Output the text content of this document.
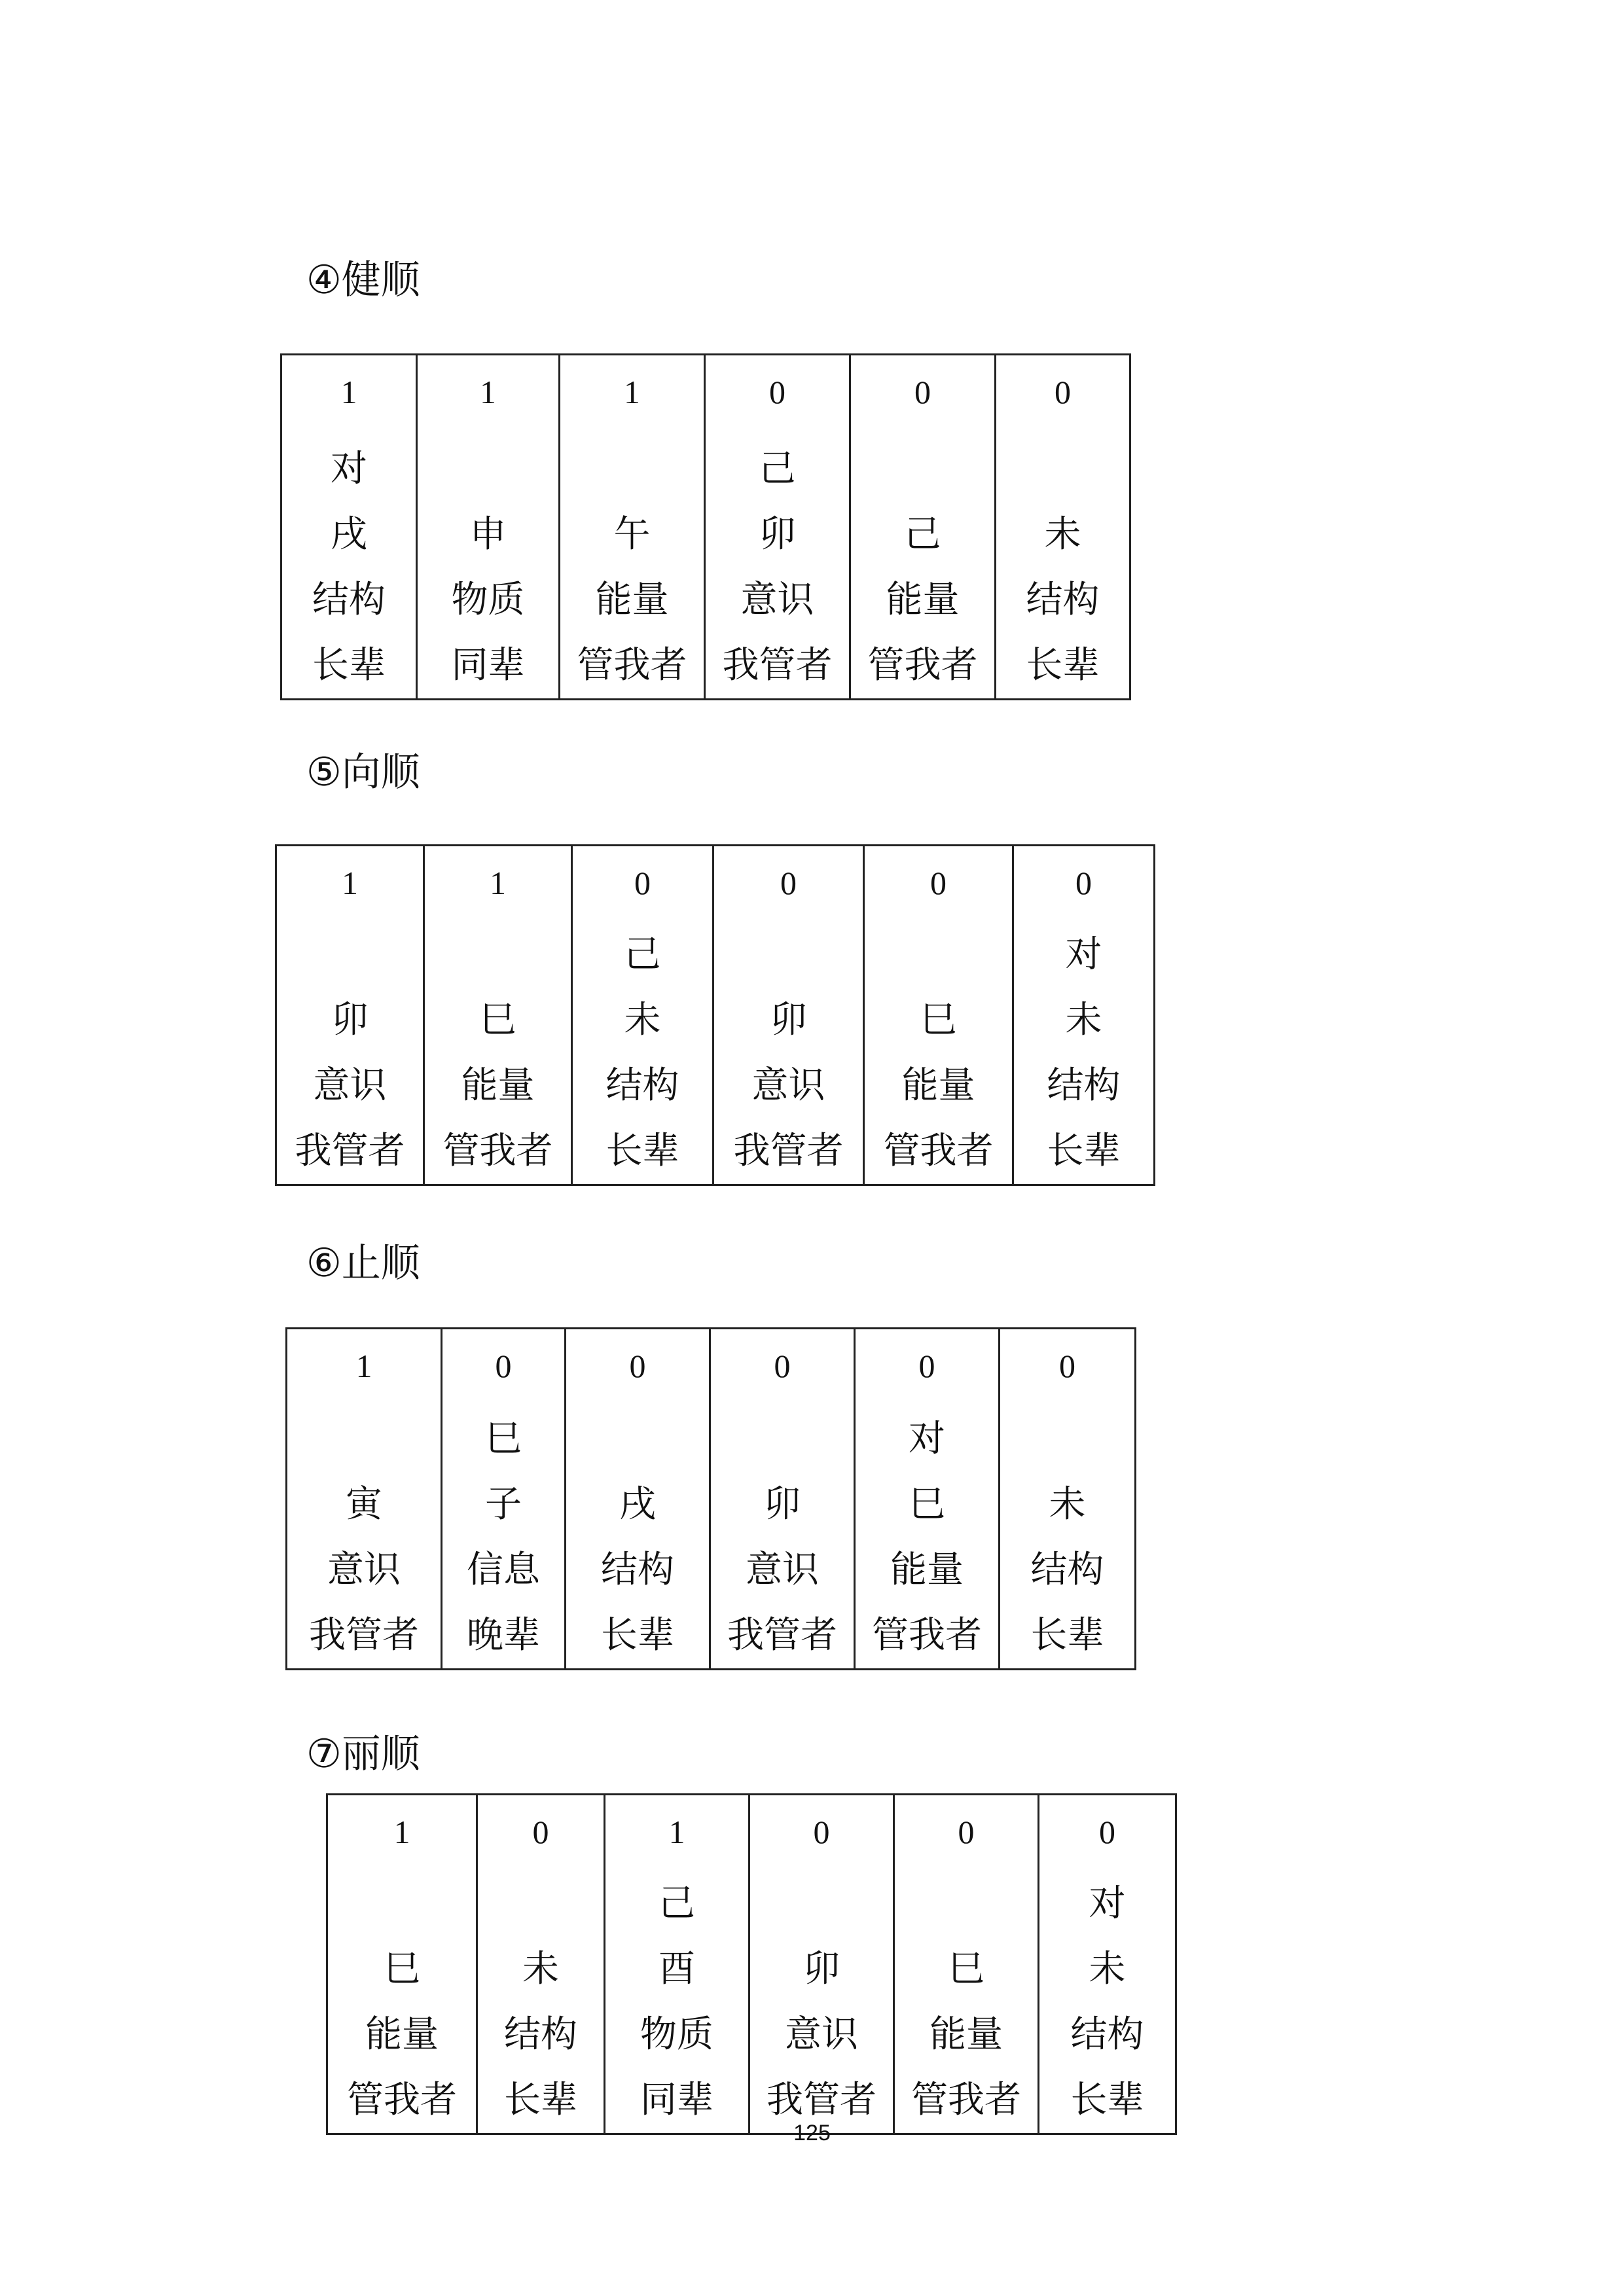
④健顺
1
对
戌
结构
长辈
1
申
物质
同辈
1
午
能量
管我者
0
己
卯
意识
我管者
0
己
能量
管我者
0
未
结构
长辈
⑤向顺
1
卯
意识
我管者
1
巳
能量
管我者
0
己
未
结构
长辈
0
卯
意识
我管者
0
巳
能量
管我者
0
对
未
结构
长辈
⑥止顺
1
寅
意识
我管者
0
巳
子
信息
晚辈
0
戌
结构
长辈
0
卯
意识
我管者
0
对
巳
能量
管我者
0
未
结构
长辈
⑦丽顺
1
巳
能量
管我者
0
未
结构
长辈
1
己
酉
物质
同辈
0
卯
意识
我管者
0
巳
能量
管我者
0
对
未
结构
长辈
125
